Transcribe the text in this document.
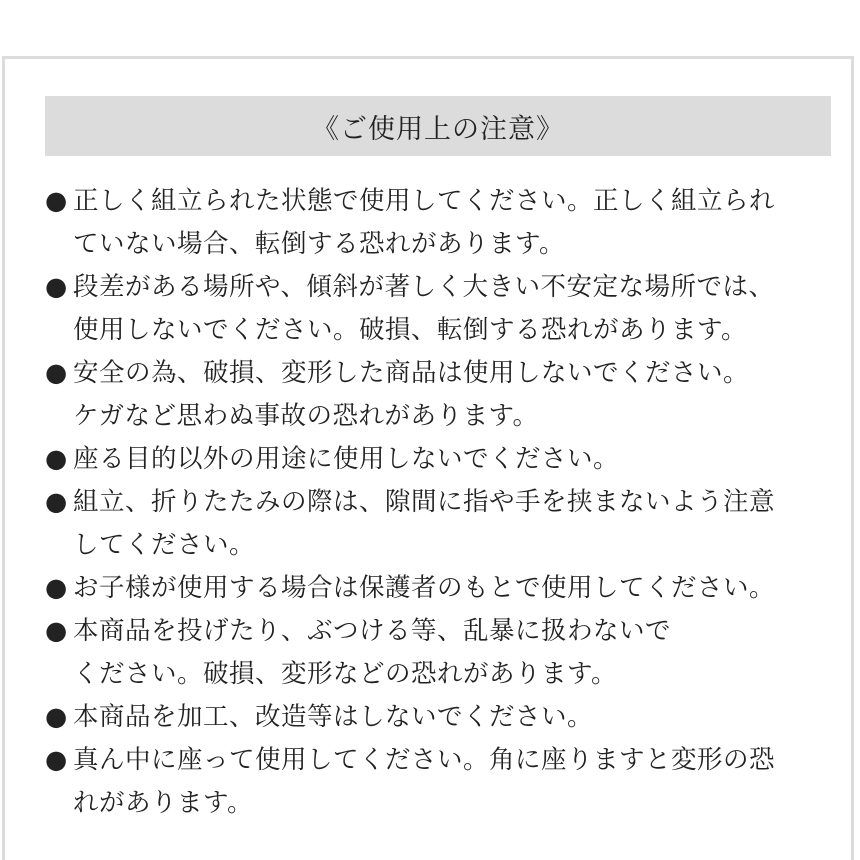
《ご使用上の注意》
● 正しく組立られた状態で使用してください。正しく組立られ
ていない場合、転倒する恐れがあります。
● 段差がある場所や、傾斜が著しく大きい不安定な場所では、
使用しないでください。破損、転倒する恐れがあります。
● 安全の為、破損、変形した商品は使用しないでください。
ケガなど思わぬ事故の恐れがあります。
● 座る目的以外の用途に使用しないでください。
● 組立、折りたたみの際は、隙間に指や手を挟まないよう注意
してください。
● お子様が使用する場合は保護者のもとで使用してください。
● 本商品を投げたり、ぶつける等、乱暴に扱わないで
ください。破損、変形などの恐れがあります。
● 本商品を加工、改造等はしないでください。
● 真ん中に座って使用してください。角に座りますと変形の恐
れがあります。
